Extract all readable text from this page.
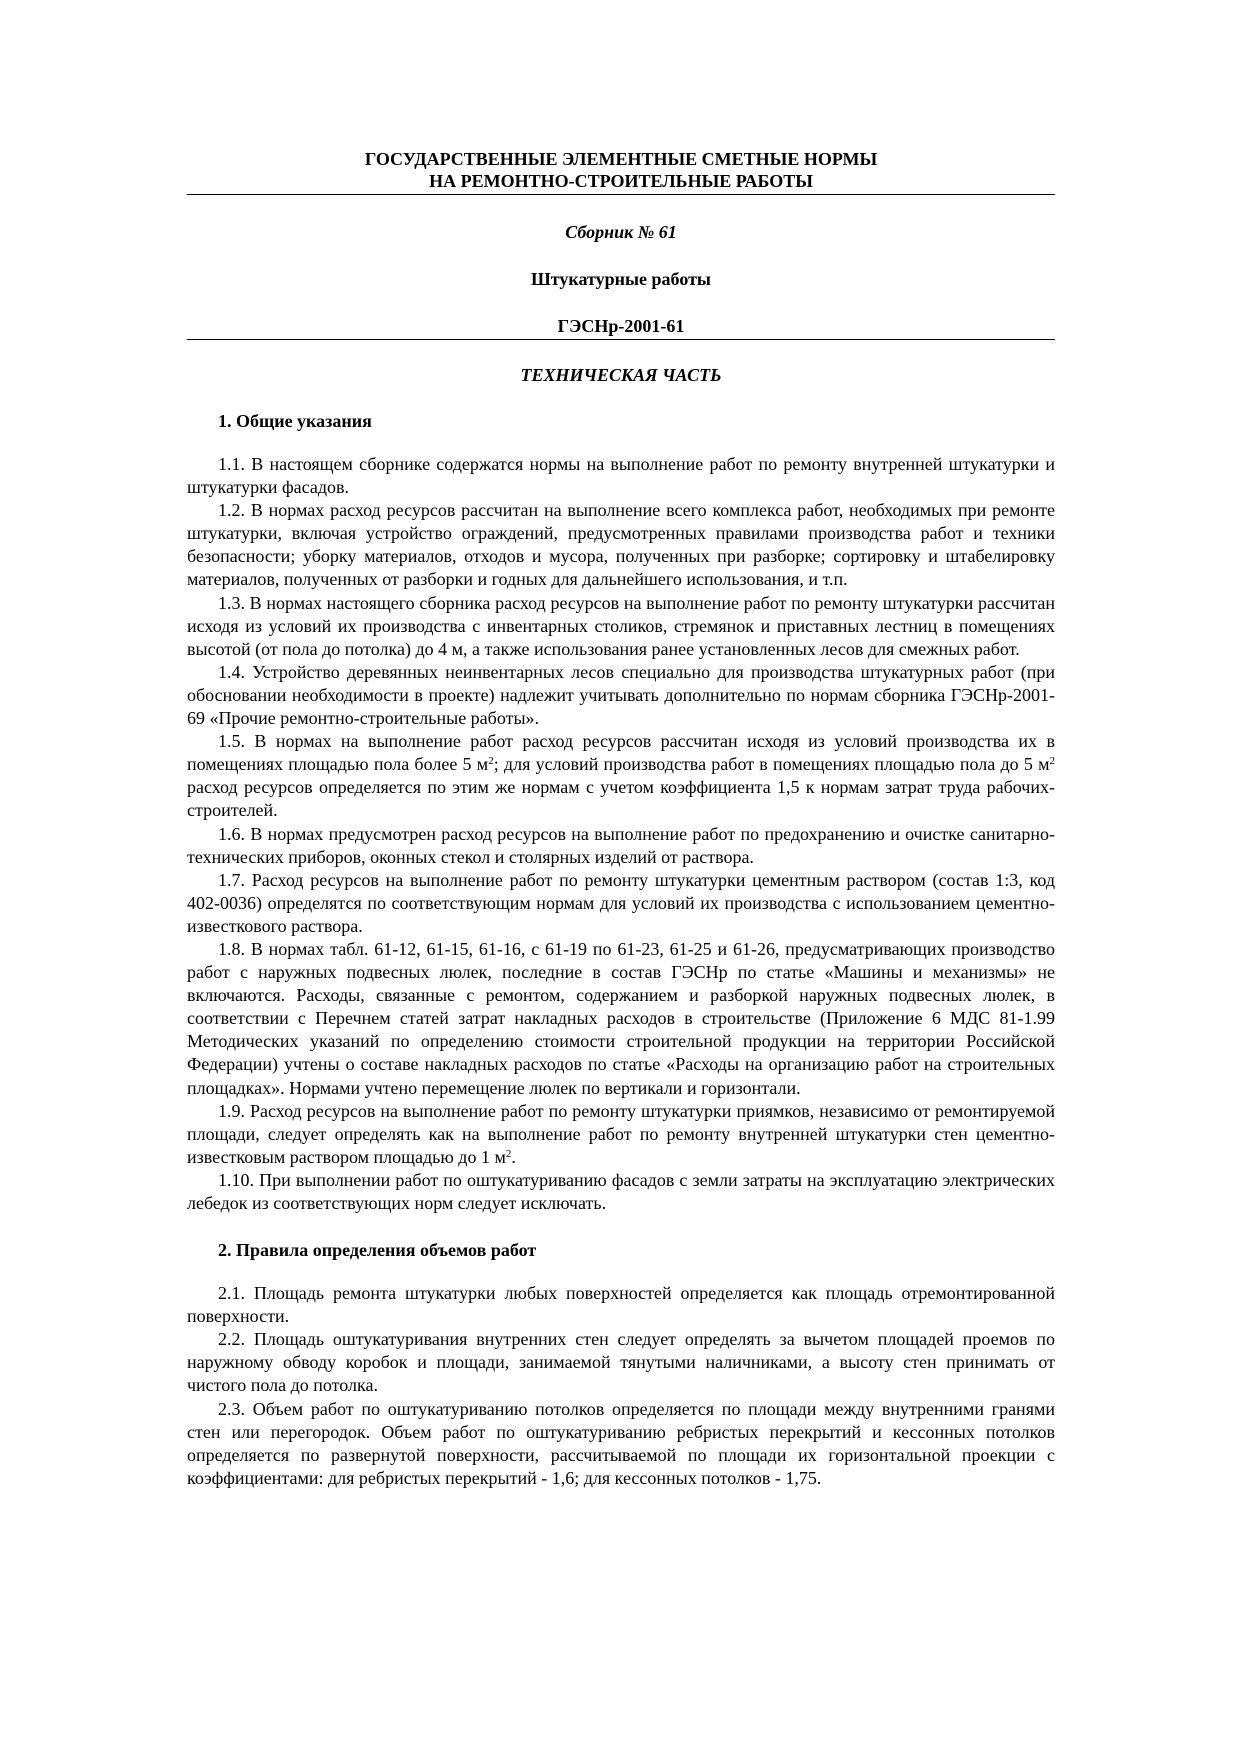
ГОСУДАРСТВЕННЫЕ ЭЛЕМЕНТНЫЕ СМЕТНЫЕ НОРМЫ

НА РЕМОНТНО-СТРОИТЕЛЬНЫЕ РАБОТЫ

Сборник № 61

Штукатурные работы

ГЭСНр-2001-61

ТЕХНИЧЕСКАЯ ЧАСТЬ

1. Общие указания

1.1. В настоящем сборнике содержатся нормы на выполнение работ по ремонту внутренней штукатурки и штукатурки фасадов.

1.2. В нормах расход ресурсов рассчитан на выполнение всего комплекса работ, необходимых при ремонте штукатурки, включая устройство ограждений, предусмотренных правилами производства работ и техники безопасности; уборку материалов, отходов и мусора, полученных при разборке; сортировку и штабелировку материалов, полученных от разборки и годных для дальнейшего использования, и т.п.

1.3. В нормах настоящего сборника расход ресурсов на выполнение работ по ремонту штукатурки рассчитан исходя из условий их производства с инвентарных столиков, стремянок и приставных лестниц в помещениях высотой (от пола до потолка) до 4 м, а также использования ранее установленных лесов для смежных работ.

1.4. Устройство деревянных неинвентарных лесов специально для производства штукатурных работ (при обосновании необходимости в проекте) надлежит учитывать дополнительно по нормам сборника ГЭСНр-2001-69 «Прочие ремонтно-строительные работы».

1.5. В нормах на выполнение работ расход ресурсов рассчитан исходя из условий производства их в помещениях площадью пола более 5 $м^2$; для условий производства работ в помещениях площадью пола до 5 $м^2$ расход ресурсов определяется по этим же нормам с учетом коэффициента 1,5 к нормам затрат труда рабочих-строителей.

1.6. В нормах предусмотрен расход ресурсов на выполнение работ по предохранению и очистке санитарно-технических приборов, оконных стекол и столярных изделий от раствора.

1.7. Расход ресурсов на выполнение работ по ремонту штукатурки цементным раствором (состав 1:3, код 402-0036) определятся по соответствующим нормам для условий их производства с использованием цементно-известкового раствора.

1.8. В нормах табл. 61-12, 61-15, 61-16, с 61-19 по 61-23, 61-25 и 61-26, предусматривающих производство работ с наружных подвесных люлек, последние в состав ГЭСНр по статье «Машины и механизмы» не включаются. Расходы, связанные с ремонтом, содержанием и разборкой наружных подвесных люлек, в соответствии с Перечнем статей затрат накладных расходов в строительстве (Приложение 6 МДС 81-1.99 Методических указаний по определению стоимости строительной продукции на территории Российской Федерации) учтены о составе накладных расходов по статье «Расходы на организацию работ на строительных площадках». Нормами учтено перемещение люлек по вертикали и горизонтали.

1.9. Расход ресурсов на выполнение работ по ремонту штукатурки приямков, независимо от ремонтируемой площади, следует определять как на выполнение работ по ремонту внутренней штукатурки стен цементно-известковым раствором площадью до 1 $м^2$.

1.10. При выполнении работ по оштукатуриванию фасадов с земли затраты на эксплуатацию электрических лебедок из соответствующих норм следует исключать.

2. Правила определения объемов работ

2.1. Площадь ремонта штукатурки любых поверхностей определяется как площадь отремонтированной поверхности.

2.2. Площадь оштукатуривания внутренних стен следует определять за вычетом площадей проемов по наружному обводу коробок и площади, занимаемой тянутыми наличниками, а высоту стен принимать от чистого пола до потолка.

2.3. Объем работ по оштукатуриванию потолков определяется по площади между внутренними гранями стен или перегородок. Объем работ по оштукатуриванию ребристых перекрытий и кессонных потолков определяется по развернутой поверхности, рассчитываемой по площади их горизонтальной проекции с коэффициентами: для ребристых перекрытий - 1,6; для кессонных потолков - 1,75.
